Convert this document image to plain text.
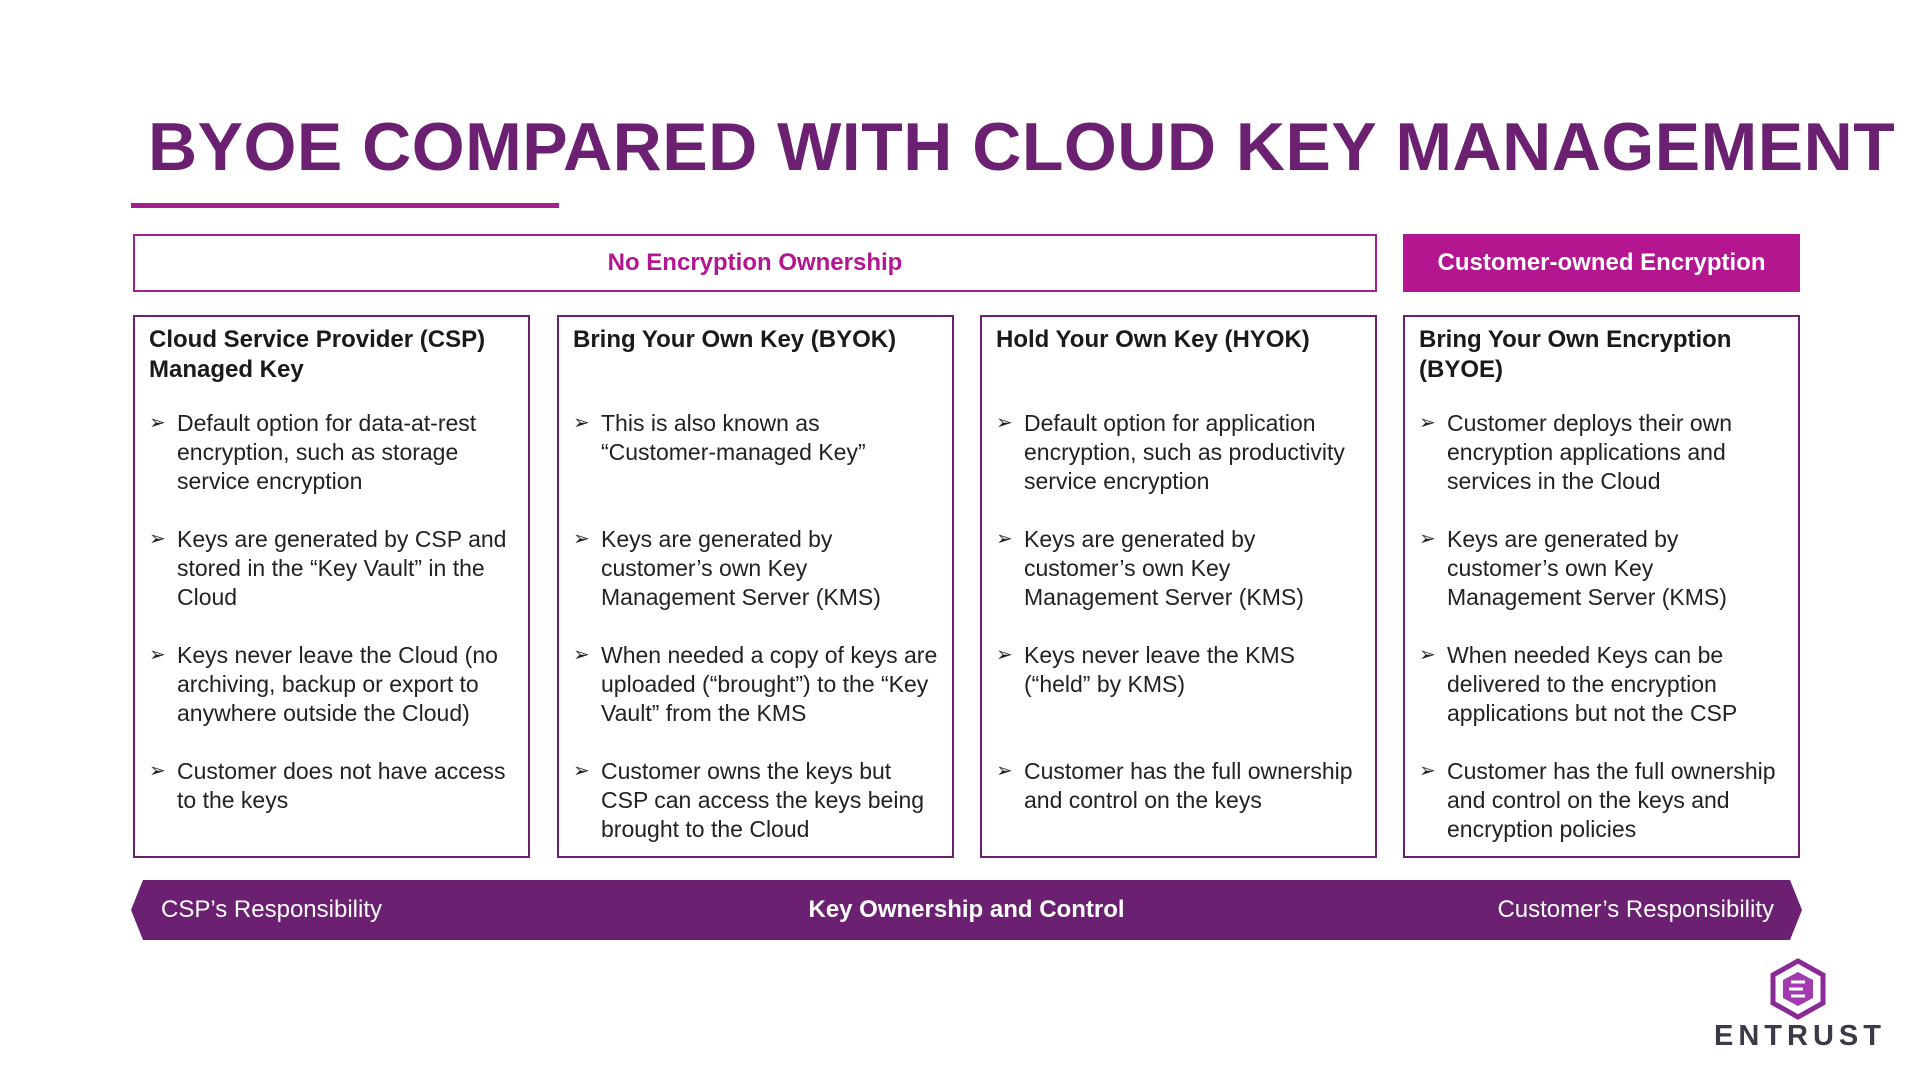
BYOE COMPARED WITH CLOUD KEY MANAGEMENT
No Encryption Ownership	Customer-owned Encryption
Cloud Service Provider (CSP) Managed Key
➢ Default option for data-at-rest encryption, such as storage service encryption
➢ Keys are generated by CSP and stored in the “Key Vault” in the Cloud
➢ Keys never leave the Cloud (no archiving, backup or export to anywhere outside the Cloud)
➢ Customer does not have access to the keys
Bring Your Own Key (BYOK)
➢ This is also known as “Customer-managed Key”
➢ Keys are generated by customer’s own Key Management Server (KMS)
➢ When needed a copy of keys are uploaded (“brought”) to the “Key Vault” from the KMS
➢ Customer owns the keys but CSP can access the keys being brought to the Cloud
Hold Your Own Key (HYOK)
➢ Default option for application encryption, such as productivity service encryption
➢ Keys are generated by customer’s own Key Management Server (KMS)
➢ Keys never leave the KMS (“held” by KMS)
➢ Customer has the full ownership and control on the keys
Bring Your Own Encryption (BYOE)
➢ Customer deploys their own encryption applications and services in the Cloud
➢ Keys are generated by customer’s own Key Management Server (KMS)
➢ When needed Keys can be delivered to the encryption applications but not the CSP
➢ Customer has the full ownership and control on the keys and encryption policies
CSP’s Responsibility	Key Ownership and Control	Customer’s Responsibility
ENTRUST
